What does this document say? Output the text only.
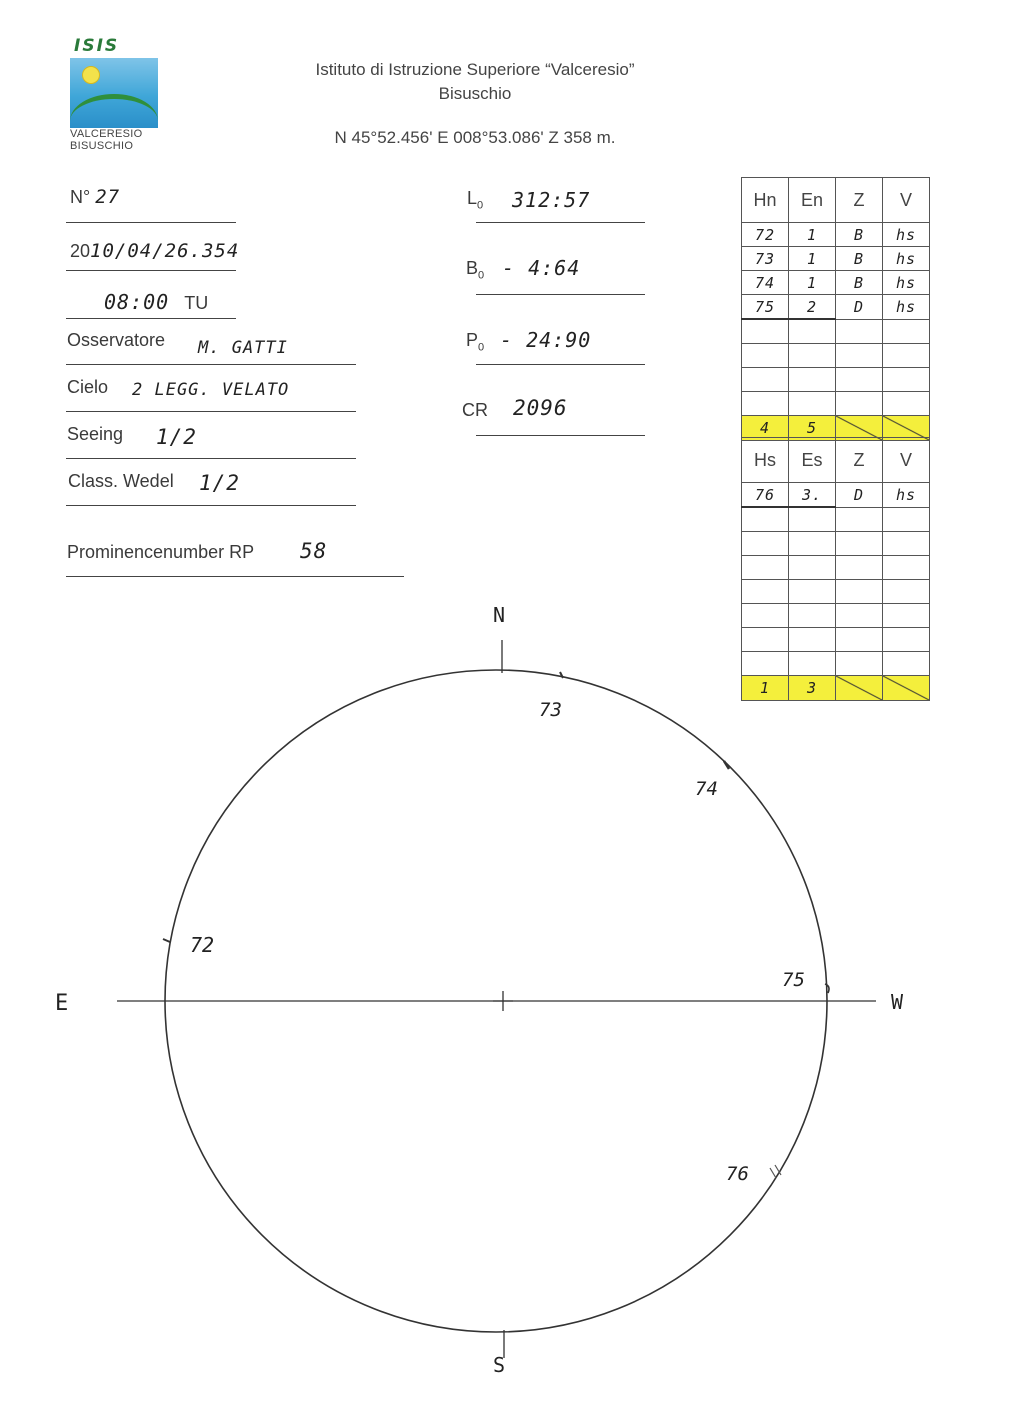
ISIS
VALCERESIO
BISUSCHIO
Istituto di Istruzione Superiore “Valceresio”
Bisuschio
N 45°52.456' E 008°53.086' Z 358 m.
N° 27
2010/04/26.354
08:00 TU
Osservatore M. GATTI
Cielo 2 LEGG. VELATO
Seeing 1/2
Class. Wedel 1/2
Prominencenumber RP 58
$L_0$ 312:57
$B_0$ - 4:64
$P_0$ - 24:90
CR 2096
Hn	En	Z	V
72	1	B	hs
73	1	B	hs
74	1	B	hs
75	2	D	hs

4	5	

Hs	Es	Z	V
76	3.	D	hs

1	3	

N
S
E	W
73
74
72
75
76
